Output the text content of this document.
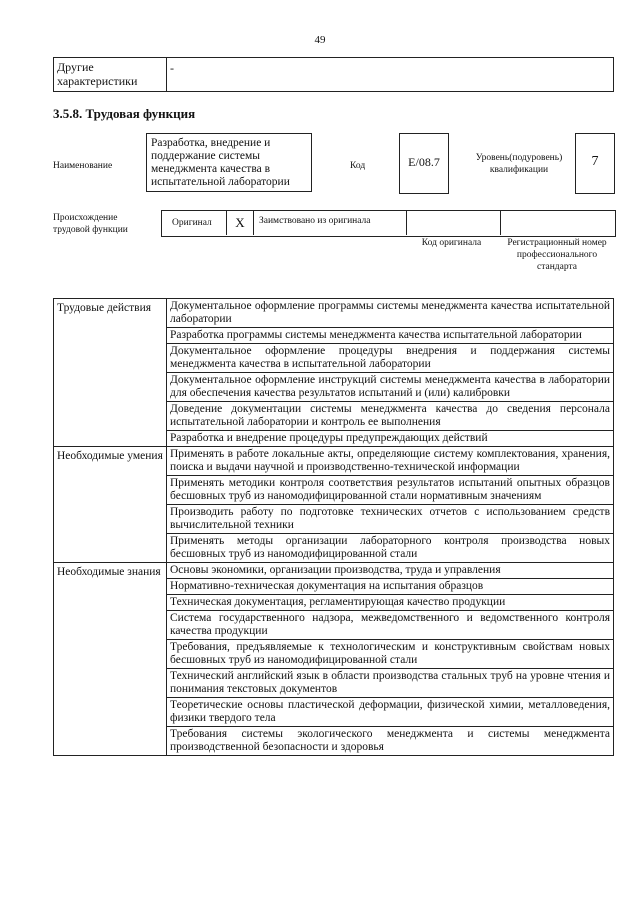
49
Другие характеристики	-
3.5.8. Трудовая функция
Наименование
Разработка, внедрение и поддержание системы менеджмента качества в испытательной лаборатории
Код	E/08.7	Уровень(подуровень) квалификации
7
Происхождение трудовой функции
Оригинал	X	Заимствовано из оригинала
Код оригинала	Регистрационный номер профессионального стандарта
Трудовые действия	Документальное оформление программы системы менеджмента качества испытательной лаборатории
	Разработка программы системы менеджмента качества испытательной лаборатории
	Документальное оформление процедуры внедрения и поддержания системы менеджмента качества в испытательной лаборатории
	Документальное оформление инструкций системы менеджмента качества в лаборатории для обеспечения качества результатов испытаний и (или) калибровки
	Доведение документации системы менеджмента качества до сведения персонала испытательной лаборатории и контроль ее выполнения
	Разработка и внедрение процедуры предупреждающих действий
Необходимые умения	Применять в работе локальные акты, определяющие систему комплектования, хранения, поиска и выдачи научной и производственно-технической информации
	Применять методики контроля соответствия результатов испытаний опытных образцов бесшовных труб из наномодифицированной стали нормативным значениям
	Производить работу по подготовке технических отчетов с использованием средств вычислительной техники
	Применять методы организации лабораторного контроля производства новых бесшовных труб из наномодифицированной стали
Необходимые знания	Основы экономики, организации производства, труда и управления
	Нормативно-техническая документация на испытания образцов
	Техническая документация, регламентирующая качество продукции
	Система государственного надзора, межведомственного и ведомственного контроля качества продукции
	Требования, предъявляемые к технологическим и конструктивным свойствам новых бесшовных труб из наномодифицированной стали
	Технический английский язык в области производства стальных труб на уровне чтения и понимания текстовых документов
	Теоретические основы пластической деформации, физической химии, металловедения, физики твердого тела
	Требования системы экологического менеджмента и системы менеджмента производственной безопасности и здоровья
